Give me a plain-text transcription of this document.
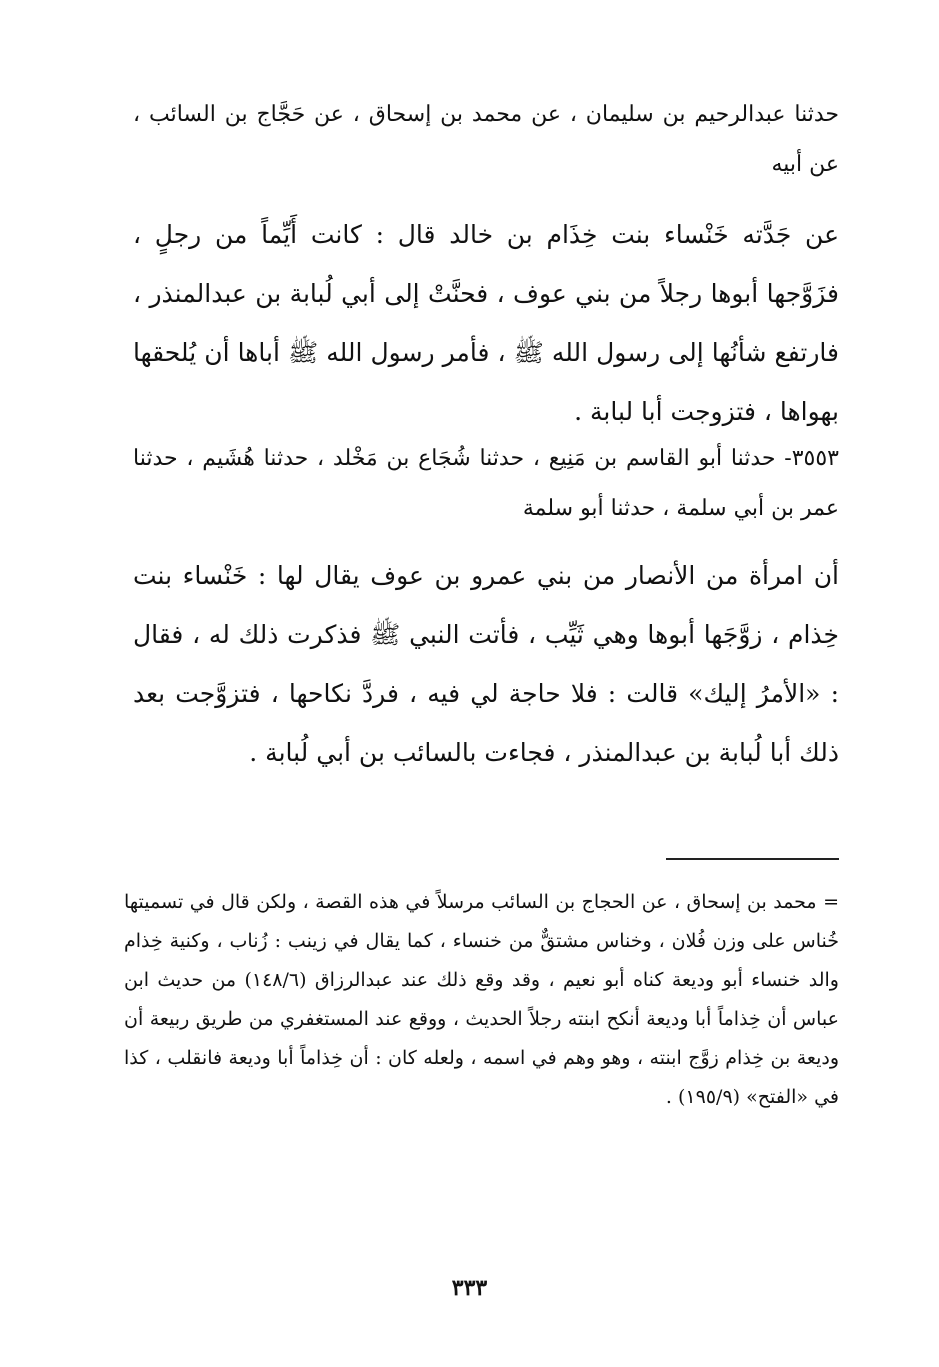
حدثنا عبدالرحيم بن سليمان ، عن محمد بن إسحاق ، عن حَجَّاج بن السائب ، عن أبيه

عن جَدَّته خَنْساء بنت خِذَام بن خالد قال : كانت أَيِّماً من رجلٍ ، فزَوَّجها أبوها رجلاً من بني عوف ، فحنَّتْ إلى أبي لُبابة بن عبدالمنذر ، فارتفع شأنُها إلى رسول الله ﷺ ، فأمر رسول الله ﷺ أباها أن يُلحقها بهواها ، فتزوجت أبا لبابة .

٣٥٥٣- حدثنا أبو القاسم بن مَنِيع ، حدثنا شُجَاع بن مَخْلد ، حدثنا هُشَيم ، حدثنا عمر بن أبي سلمة ، حدثنا أبو سلمة

أن امرأة من الأنصار من بني عمرو بن عوف يقال لها : خَنْساء بنت خِذام ، زوَّجَها أبوها وهي ثَيِّب ، فأتت النبي ﷺ فذكرت ذلك له ، فقال : «الأمرُ إليك» قالت : فلا حاجة لي فيه ، فردَّ نكاحها ، فتزوَّجت بعد ذلك أبا لُبابة بن عبدالمنذر ، فجاءت بالسائب بن أبي لُبابة .

= محمد بن إسحاق ، عن الحجاج بن السائب مرسلاً في هذه القصة ، ولكن قال في تسميتها خُناس على وزن فُلان ، وخناس مشتقٌّ من خنساء ، كما يقال في زينب : زُناب ، وكنية خِذام والد خنساء أبو وديعة كناه أبو نعيم ، وقد وقع ذلك عند عبدالرزاق (١٤٨/٦) من حديث ابن عباس أن خِذاماً أبا وديعة أنكح ابنته رجلاً الحديث ، ووقع عند المستغفري من طريق ربيعة أن وديعة بن خِذام زوَّج ابنته ، وهو وهم في اسمه ، ولعله كان : أن خِذاماً أبا وديعة فانقلب ، كذا في «الفتح» (١٩٥/٩) .

٣٣٣
